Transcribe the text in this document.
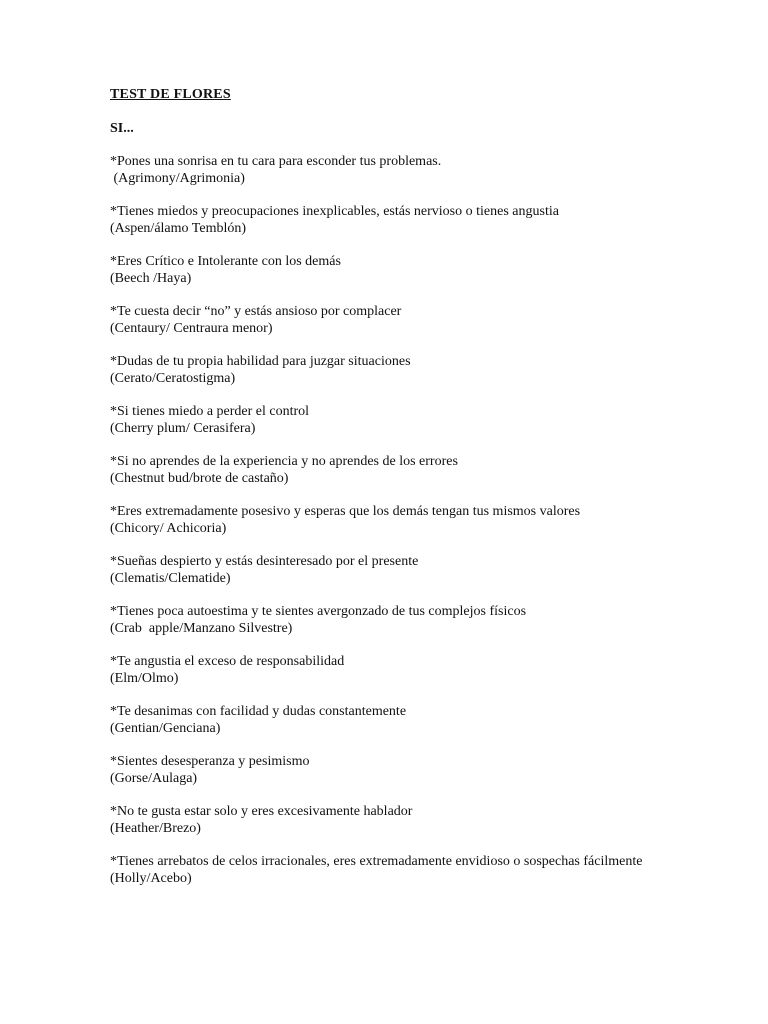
TEST DE FLORES

SI...

*Pones una sonrisa en tu cara para esconder tus problemas.
(Agrimony/Agrimonia)

*Tienes miedos y preocupaciones inexplicables, estás nervioso o tienes angustia
(Aspen/álamo Temblón)

*Eres Crítico e Intolerante con los demás
(Beech /Haya)

*Te cuesta decir “no” y estás ansioso por complacer
(Centaury/ Centraura menor)

*Dudas de tu propia habilidad para juzgar situaciones
(Cerato/Ceratostigma)

*Si tienes miedo a perder el control
(Cherry plum/ Cerasifera)

*Si no aprendes de la experiencia y no aprendes de los errores
(Chestnut bud/brote de castaño)

*Eres extremadamente posesivo y esperas que los demás tengan tus mismos valores
(Chicory/ Achicoria)

*Sueñas despierto y estás desinteresado por el presente
(Clematis/Clematide)

*Tienes poca autoestima y te sientes avergonzado de tus complejos físicos
(Crab  apple/Manzano Silvestre)

*Te angustia el exceso de responsabilidad
(Elm/Olmo)

*Te desanimas con facilidad y dudas constantemente
(Gentian/Genciana)

*Sientes desesperanza y pesimismo
(Gorse/Aulaga)

*No te gusta estar solo y eres excesivamente hablador
(Heather/Brezo)

*Tienes arrebatos de celos irracionales, eres extremadamente envidioso o sospechas fácilmente
(Holly/Acebo)
